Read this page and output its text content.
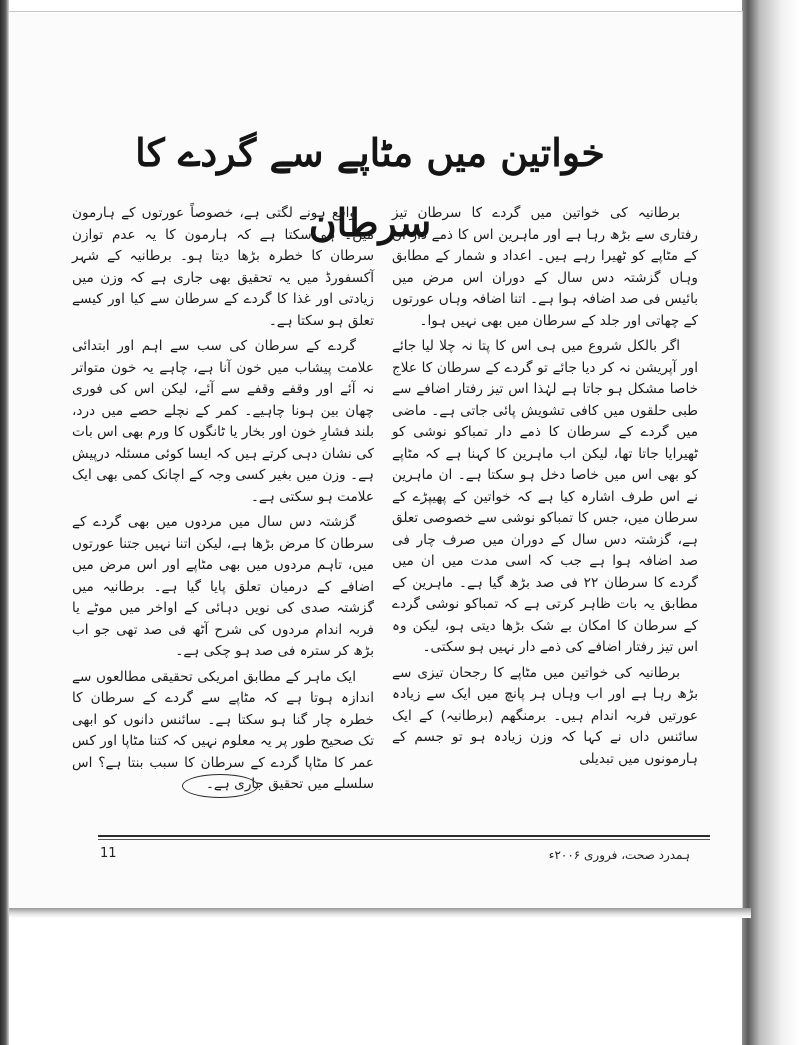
خواتین میں مٹاپے سے گردے کا سرطان

برطانیہ کی خواتین میں گردے کا سرطان تیز رفتاری سے بڑھ رہا ہے اور ماہرین اس کا ذمے دار ان کے مٹاپے کو ٹھیرا رہے ہیں۔ اعداد و شمار کے مطابق وہاں گزشتہ دس سال کے دوران اس مرض میں بائیس فی صد اضافہ ہوا ہے۔ اتنا اضافہ وہاں عورتوں کے چھاتی اور جلد کے سرطان میں بھی نہیں ہوا۔

اگر بالکل شروع میں ہی اس کا پتا نہ چلا لیا جائے اور آپریشن نہ کر دیا جائے تو گردے کے سرطان کا علاج خاصا مشکل ہو جاتا ہے لہٰذا اس تیز رفتار اضافے سے طبی حلقوں میں کافی تشویش پائی جاتی ہے۔ ماضی میں گردے کے سرطان کا ذمے دار تمباکو نوشی کو ٹھیرایا جاتا تھا، لیکن اب ماہرین کا کہنا ہے کہ مٹاپے کو بھی اس میں خاصا دخل ہو سکتا ہے۔ ان ماہرین نے اس طرف اشارہ کیا ہے کہ خواتین کے پھیپڑے کے سرطان میں، جس کا تمباکو نوشی سے خصوصی تعلق ہے، گزشتہ دس سال کے دوران میں صرف چار فی صد اضافہ ہوا ہے جب کہ اسی مدت میں ان میں گردے کا سرطان ۲۲ فی صد بڑھ گیا ہے۔ ماہرین کے مطابق یہ بات ظاہر کرتی ہے کہ تمباکو نوشی گردے کے سرطان کا امکان بے شک بڑھا دیتی ہو، لیکن وہ اس تیز رفتار اضافے کی ذمے دار نہیں ہو سکتی۔

برطانیہ کی خواتین میں مٹاپے کا رجحان تیزی سے بڑھ رہا ہے اور اب وہاں ہر پانچ میں ایک سے زیادہ عورتیں فربہ اندام ہیں۔ برمنگھم (برطانیہ) کے ایک سائنس داں نے کہا کہ وزن زیادہ ہو تو جسم کے ہارمونوں میں تبدیلی

واقع ہونے لگتی ہے، خصوصاً عورتوں کے ہارمون میں۔ ہو سکتا ہے کہ ہارمون کا یہ عدم توازن سرطان کا خطرہ بڑھا دیتا ہو۔ برطانیہ کے شہر آکسفورڈ میں یہ تحقیق بھی جاری ہے کہ وزن میں زیادتی اور غذا کا گردے کے سرطان سے کیا اور کیسے تعلق ہو سکتا ہے۔

گردے کے سرطان کی سب سے اہم اور ابتدائی علامت پیشاب میں خون آنا ہے، چاہے یہ خون متواتر نہ آئے اور وقفے وقفے سے آئے، لیکن اس کی فوری چھان بین ہونا چاہیے۔ کمر کے نچلے حصے میں درد، بلند فشارِ خون اور بخار یا ٹانگوں کا ورم بھی اس بات کی نشان دہی کرتے ہیں کہ ایسا کوئی مسئلہ درپیش ہے۔ وزن میں بغیر کسی وجہ کے اچانک کمی بھی ایک علامت ہو سکتی ہے۔

گزشتہ دس سال میں مردوں میں بھی گردے کے سرطان کا مرض بڑھا ہے، لیکن اتنا نہیں جتنا عورتوں میں، تاہم مردوں میں بھی مٹاپے اور اس مرض میں اضافے کے درمیان تعلق پایا گیا ہے۔ برطانیہ میں گزشتہ صدی کی نویں دہائی کے اواخر میں موٹے یا فربہ اندام مردوں کی شرح آٹھ فی صد تھی جو اب بڑھ کر سترہ فی صد ہو چکی ہے۔

ایک ماہر کے مطابق امریکی تحقیقی مطالعوں سے اندازہ ہوتا ہے کہ مٹاپے سے گردے کے سرطان کا خطرہ چار گنا ہو سکتا ہے۔ سائنس دانوں کو ابھی تک صحیح طور پر یہ معلوم نہیں کہ کتنا مٹاپا اور کس عمر کا مٹاپا گردے کے سرطان کا سبب بنتا ہے؟ اس سلسلے میں تحقیق جاری ہے۔

ہمدرد صحت، فروری ۲۰۰۶ء
11
